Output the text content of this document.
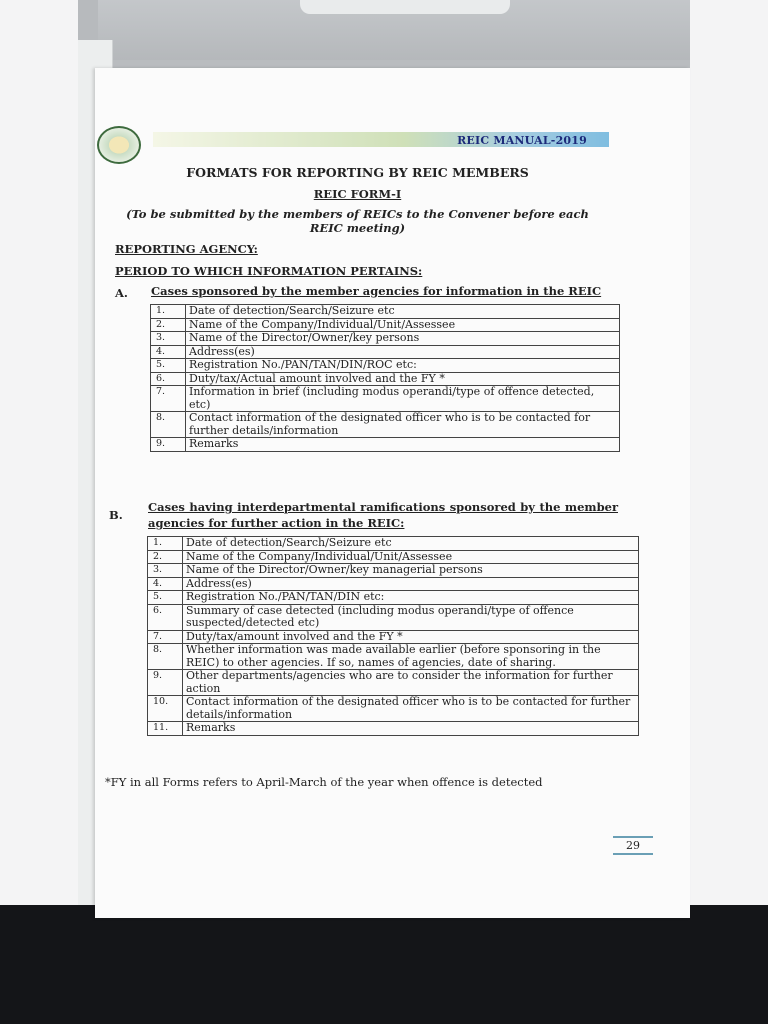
REIC MANUAL-2019
FORMATS FOR REPORTING BY REIC MEMBERS
REIC FORM-I
(To be submitted by the members of REICs to the Convener before each REIC meeting)
REPORTING AGENCY:
PERIOD TO WHICH INFORMATION PERTAINS:
A. Cases sponsored by the member agencies for information in the REIC
1.	Date of detection/Search/Seizure etc
2.	Name of the Company/Individual/Unit/Assessee
3.	Name of the Director/Owner/key persons
4.	Address(es)
5.	Registration No./PAN/TAN/DIN/ROC etc:
6.	Duty/tax/Actual amount involved and the FY *
7.	Information in brief (including modus operandi/type of offence detected, etc)
8.	Contact information of the designated officer who is to be contacted for further details/information
9.	Remarks
B.
Cases having interdepartmental ramifications sponsored by the member agencies for further action in the REIC:
1.	Date of detection/Search/Seizure etc
2.	Name of the Company/Individual/Unit/Assessee
3.	Name of the Director/Owner/key managerial persons
4.	Address(es)
5.	Registration No./PAN/TAN/DIN etc:
6.	Summary of case detected (including modus operandi/type of offence suspected/detected etc)
7.	Duty/tax/amount involved and the FY *
8.	Whether information was made available earlier (before sponsoring in the REIC) to other agencies. If so, names of agencies, date of sharing.
9.	Other departments/agencies who are to consider the information for further action
10.	Contact information of the designated officer who is to be contacted for further details/information
11.	Remarks
*FY in all Forms refers to April-March of the year when offence is detected
29
